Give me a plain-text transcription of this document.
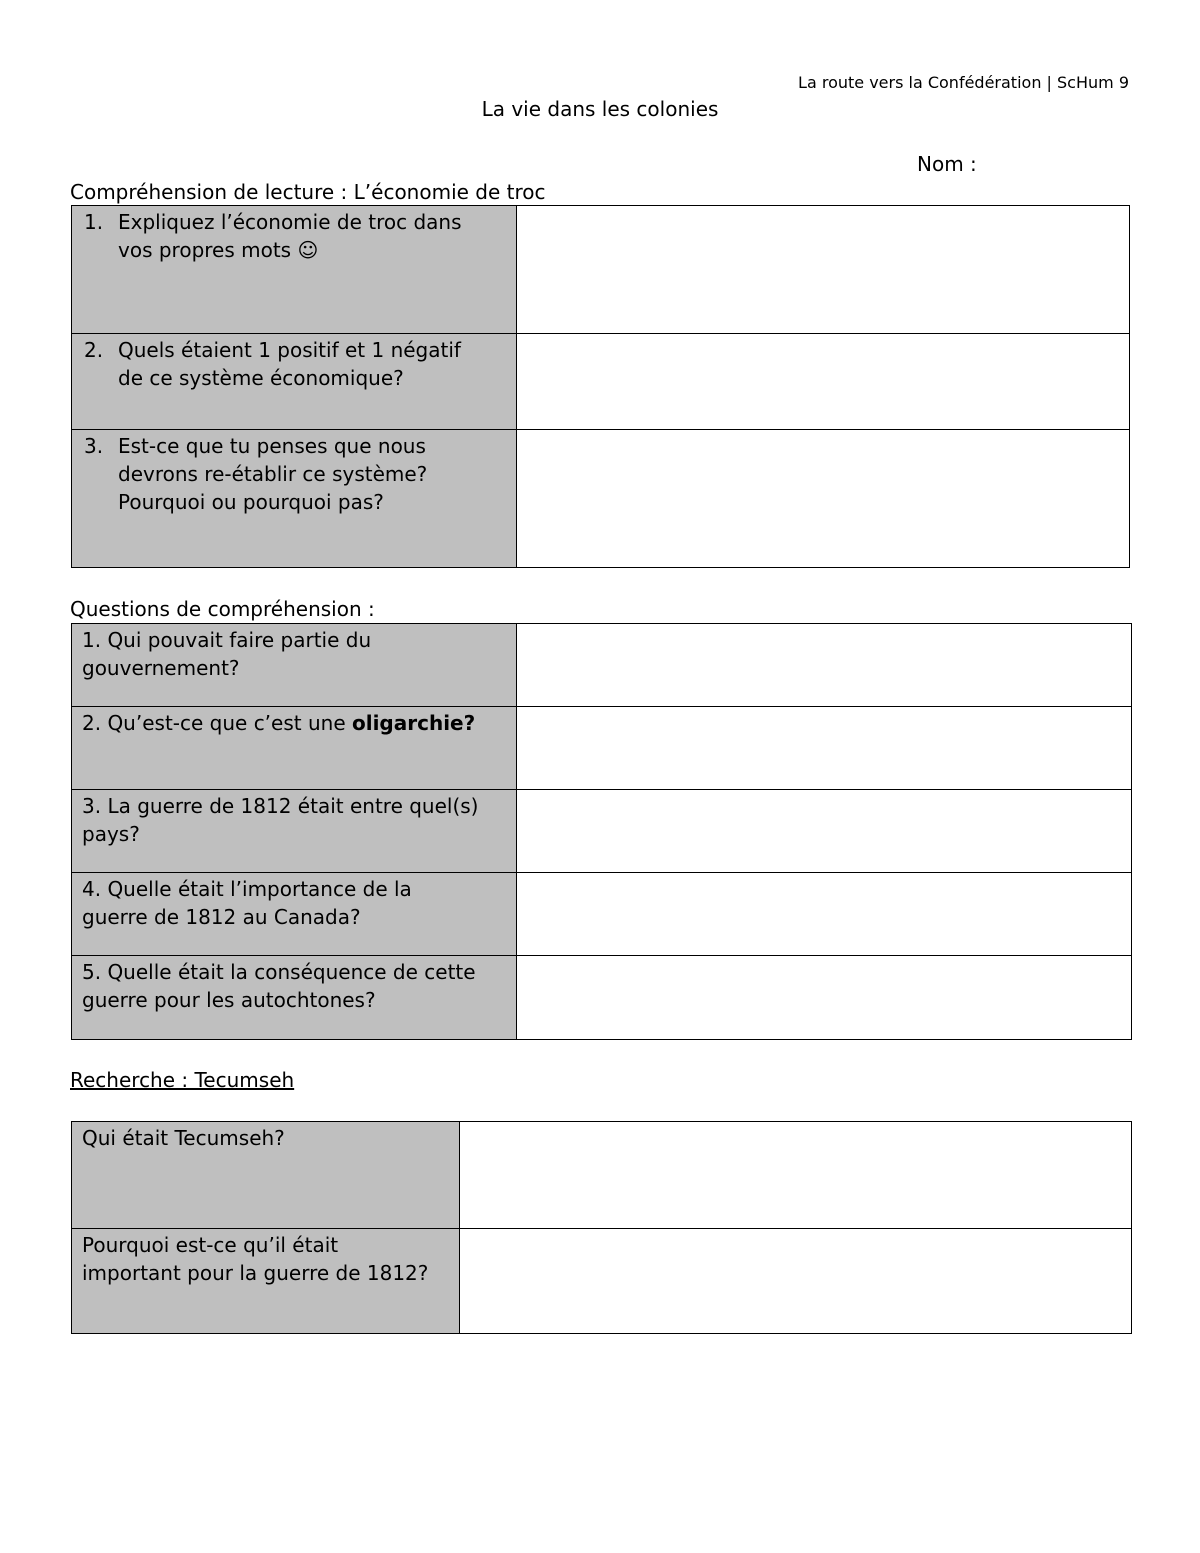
La route vers la Confédération | ScHum 9
La vie dans les colonies
Nom :
Compréhension de lecture : L’économie de troc
1. Expliquez l’économie de troc dans
vos propres mots ☺	

2. Quels étaient 1 positif et 1 négatif
de ce système économique?	

3. Est-ce que tu penses que nous
devrons re-établir ce système?
Pourquoi ou pourquoi pas?	

Questions de compréhension :
1. Qui pouvait faire partie du
gouvernement?	

2. Qu’est-ce que c’est une oligarchie?	

3. La guerre de 1812 était entre quel(s)
pays?	

4. Quelle était l’importance de la
guerre de 1812 au Canada?	

5. Quelle était la conséquence de cette
guerre pour les autochtones?	

Recherche : Tecumseh
Qui était Tecumseh?	

Pourquoi est-ce qu’il était
important pour la guerre de 1812?	
